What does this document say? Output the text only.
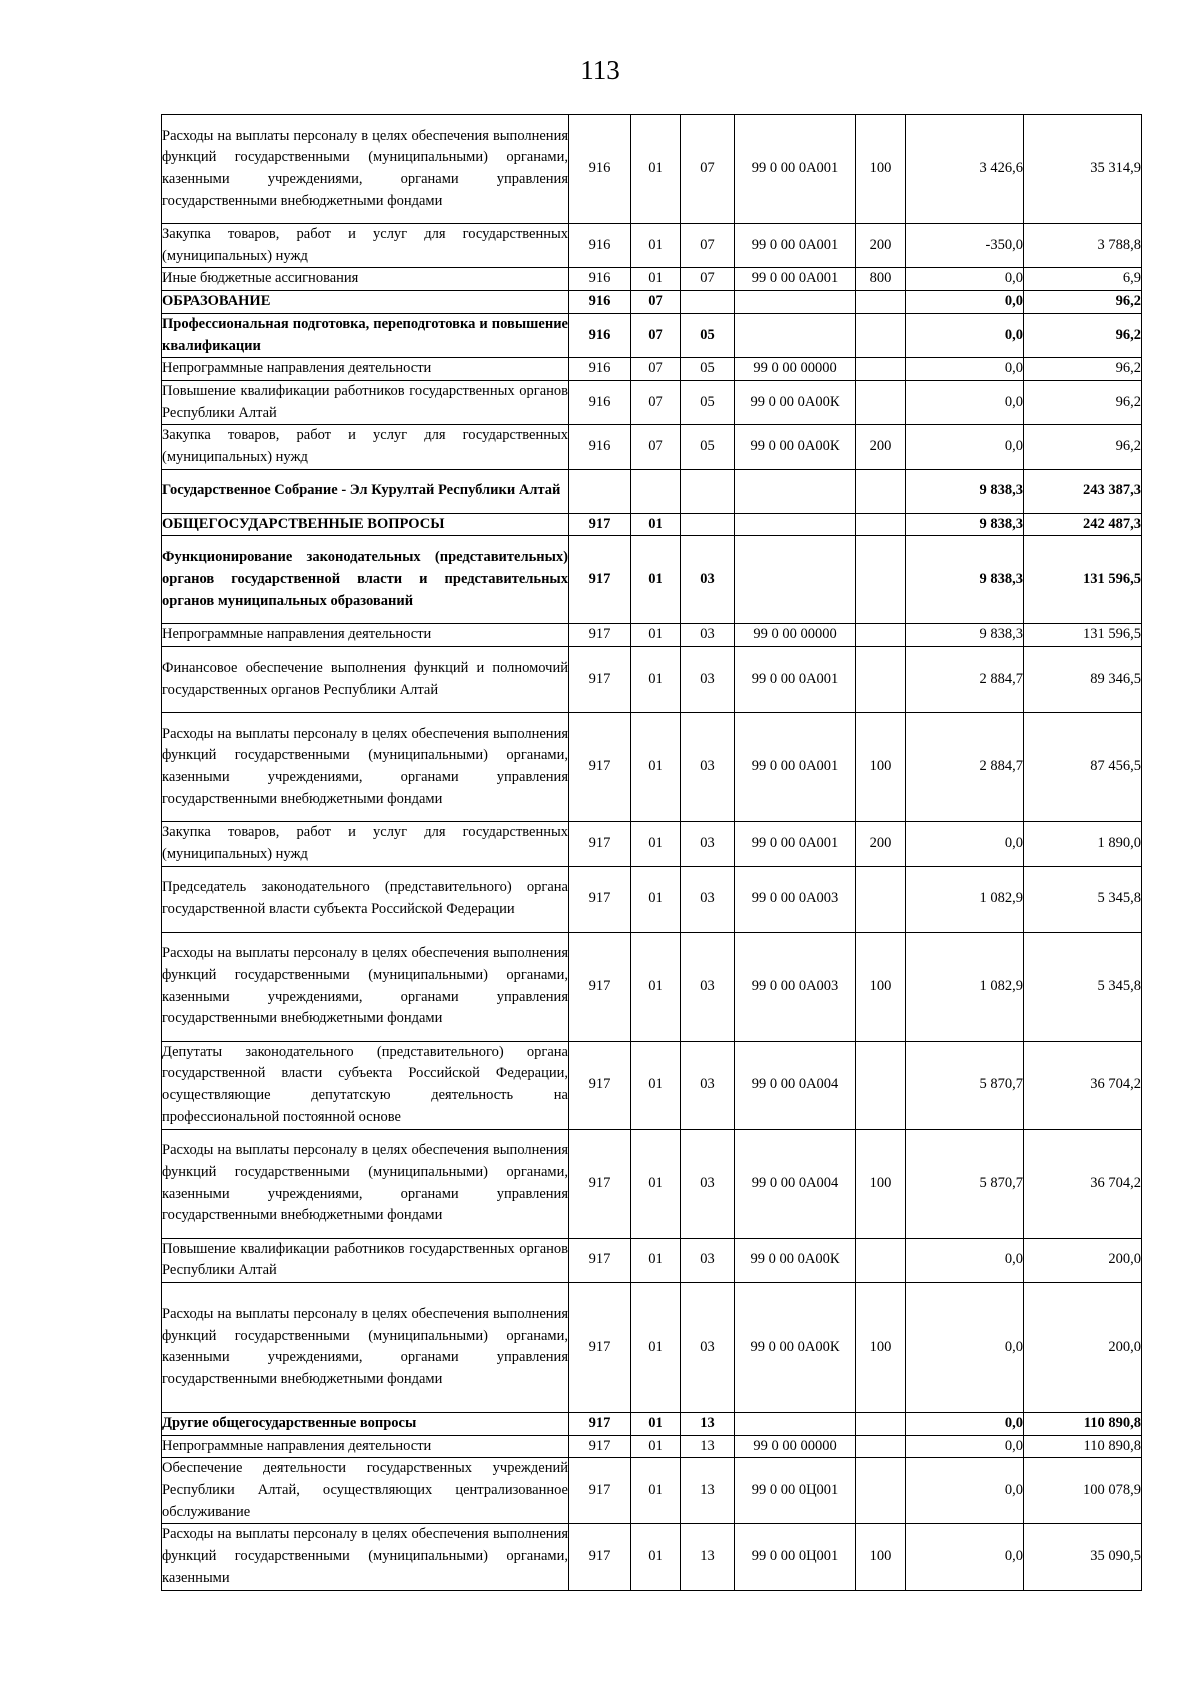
113
Расходы на выплаты персоналу в целях обеспечения выполнения функций государственными (муниципальными) органами, казенными учреждениями, органами управления государственными внебюджетными фондами	916	01	07	99 0 00 0А001	100	3 426,6	35 314,9
Закупка товаров, работ и услуг для государственных (муниципальных) нужд	916	01	07	99 0 00 0А001	200	-350,0	3 788,8
Иные бюджетные ассигнования	916	01	07	99 0 00 0А001	800	0,0	6,9
ОБРАЗОВАНИЕ	916	07				0,0	96,2
Профессиональная подготовка, переподготовка и повышение квалификации	916	07	05			0,0	96,2
Непрограммные направления деятельности	916	07	05	99 0 00 00000		0,0	96,2
Повышение квалификации работников государственных органов Республики Алтай	916	07	05	99 0 00 0А00К		0,0	96,2
Закупка товаров, работ и услуг для государственных (муниципальных) нужд	916	07	05	99 0 00 0А00К	200	0,0	96,2
Государственное Собрание - Эл Курултай Республики Алтай						9 838,3	243 387,3
ОБЩЕГОСУДАРСТВЕННЫЕ ВОПРОСЫ	917	01				9 838,3	242 487,3
Функционирование законодательных (представительных) органов государственной власти и представительных органов муниципальных образований	917	01	03			9 838,3	131 596,5
Непрограммные направления деятельности	917	01	03	99 0 00 00000		9 838,3	131 596,5
Финансовое обеспечение выполнения функций и полномочий государственных органов Республики Алтай	917	01	03	99 0 00 0А001		2 884,7	89 346,5
Расходы на выплаты персоналу в целях обеспечения выполнения функций государственными (муниципальными) органами, казенными учреждениями, органами управления государственными внебюджетными фондами	917	01	03	99 0 00 0А001	100	2 884,7	87 456,5
Закупка товаров, работ и услуг для государственных (муниципальных) нужд	917	01	03	99 0 00 0А001	200	0,0	1 890,0
Председатель законодательного (представительного) органа государственной власти субъекта Российской Федерации	917	01	03	99 0 00 0А003		1 082,9	5 345,8
Расходы на выплаты персоналу в целях обеспечения выполнения функций государственными (муниципальными) органами, казенными учреждениями, органами управления государственными внебюджетными фондами	917	01	03	99 0 00 0А003	100	1 082,9	5 345,8
Депутаты законодательного (представительного) органа государственной власти субъекта Российской Федерации, осуществляющие депутатскую деятельность на профессиональной постоянной основе	917	01	03	99 0 00 0А004		5 870,7	36 704,2
Расходы на выплаты персоналу в целях обеспечения выполнения функций государственными (муниципальными) органами, казенными учреждениями, органами управления государственными внебюджетными фондами	917	01	03	99 0 00 0А004	100	5 870,7	36 704,2
Повышение квалификации работников государственных органов Республики Алтай	917	01	03	99 0 00 0А00К		0,0	200,0
Расходы на выплаты персоналу в целях обеспечения выполнения функций государственными (муниципальными) органами, казенными учреждениями, органами управления государственными внебюджетными фондами	917	01	03	99 0 00 0А00К	100	0,0	200,0
Другие общегосударственные вопросы	917	01	13			0,0	110 890,8
Непрограммные направления деятельности	917	01	13	99 0 00 00000		0,0	110 890,8
Обеспечение деятельности государственных учреждений Республики Алтай, осуществляющих централизованное обслуживание	917	01	13	99 0 00 0Ц001		0,0	100 078,9
Расходы на выплаты персоналу в целях обеспечения выполнения функций государственными (муниципальными) органами, казенными	917	01	13	99 0 00 0Ц001	100	0,0	35 090,5
